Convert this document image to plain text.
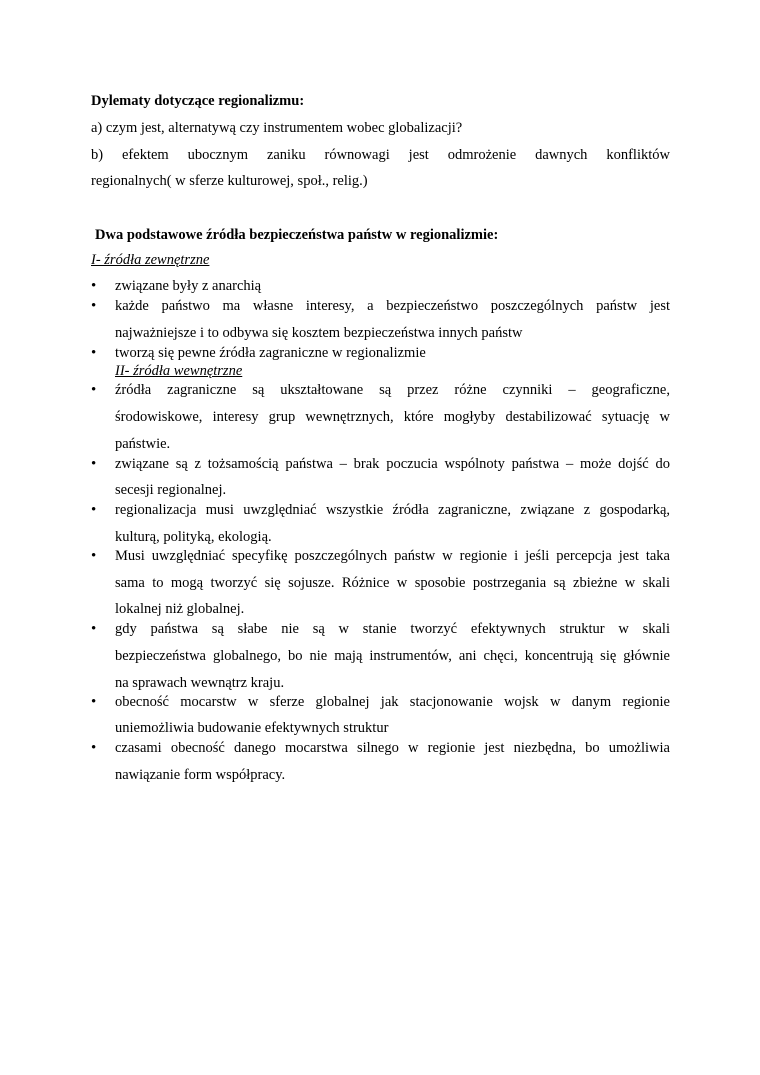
Dylematy dotyczące regionalizmu:
a) czym jest, alternatywą czy instrumentem wobec globalizacji?
b) efektem ubocznym zaniku równowagi jest odmrożenie dawnych konfliktów
regionalnych( w sferze kulturowej, społ., relig.)
Dwa podstawowe źródła bezpieczeństwa państw w regionalizmie:
I- źródła zewnętrzne
•	związane były z anarchią
•	każde państwo ma własne interesy, a bezpieczeństwo poszczególnych państw jest
najważniejsze i to odbywa się kosztem bezpieczeństwa innych państw
•	tworzą się pewne źródła zagraniczne w regionalizmie
II- źródła wewnętrzne
•	źródła zagraniczne są ukształtowane są przez różne czynniki – geograficzne,
środowiskowe, interesy grup wewnętrznych, które mogłyby destabilizować sytuację w
państwie.
•	związane są z tożsamością państwa – brak poczucia wspólnoty państwa – może dojść do
secesji regionalnej.
•	regionalizacja musi uwzględniać wszystkie źródła zagraniczne, związane z gospodarką,
kulturą, polityką, ekologią.
•	Musi uwzględniać specyfikę poszczególnych państw w regionie i jeśli percepcja jest taka
sama to mogą tworzyć się sojusze. Różnice w sposobie postrzegania są zbieżne w skali
lokalnej niż globalnej.
•	gdy państwa są słabe nie są w stanie tworzyć efektywnych struktur w skali
bezpieczeństwa globalnego, bo nie mają instrumentów, ani chęci, koncentrują się głównie
na sprawach wewnątrz kraju.
•	obecność mocarstw w sferze globalnej jak stacjonowanie wojsk w danym regionie
uniemożliwia budowanie efektywnych struktur
•	czasami obecność danego mocarstwa silnego w regionie jest niezbędna, bo umożliwia
nawiązanie form współpracy.
